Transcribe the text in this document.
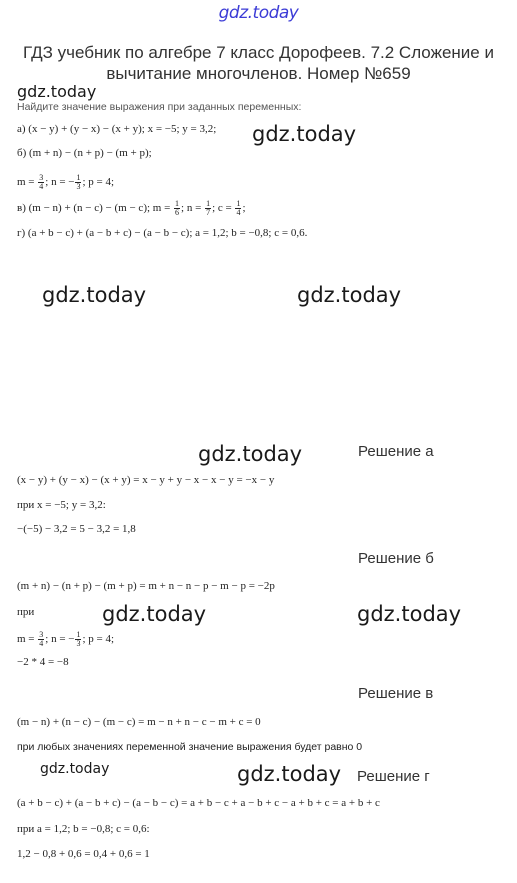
gdz.today
ГДЗ учебник по алгебре 7 класс Дорофеев. 7.2 Сложение и вычитание многочленов. Номер №659
gdz.today
gdz.today
gdz.today	gdz.today
gdz.today
gdz.today	gdz.today
gdz.today	gdz.today
Найдите значение выражения при заданных переменных:
а) (x − y) + (y − x) − (x + y); x = −5; y = 3,2;
б) (m + n) − (n + p) − (m + p);
$m = \frac{3}{4}$ ; n = − $\frac{1}{3}$ ; p = 4;
в) (m − n) + (n − c) − (m − c); $m = \frac{1}{6}$ ; $n = \frac{1}{7}$ ; $c = \frac{1}{4}$ ;
г) (a + b − c) + (a − b + c) − (a − b − c); a = 1,2; b = −0,8; c = 0,6.
Решение а
(x − y) + (y − x) − (x + y) = x − y + y − x − x − y = −x − y
при x = −5; y = 3,2:
−(−5) − 3,2 = 5 − 3,2 = 1,8
Решение б
(m + n) − (n + p) − (m + p) = m + n − n − p − m − p = −2p
при
$m = \frac{3}{4}$ ; n = − $\frac{1}{3}$ ; p = 4;
−2 * 4 = −8
Решение в
(m − n) + (n − c) − (m − c) = m − n + n − c − m + c = 0
при любых значениях переменной значение выражения будет равно 0
Решение г
(a + b − c) + (a − b + c) − (a − b − c) = a + b − c + a − b + c − a + b + c = a + b + c
при a = 1,2; b = −0,8; c = 0,6:
1,2 − 0,8 + 0,6 = 0,4 + 0,6 = 1
